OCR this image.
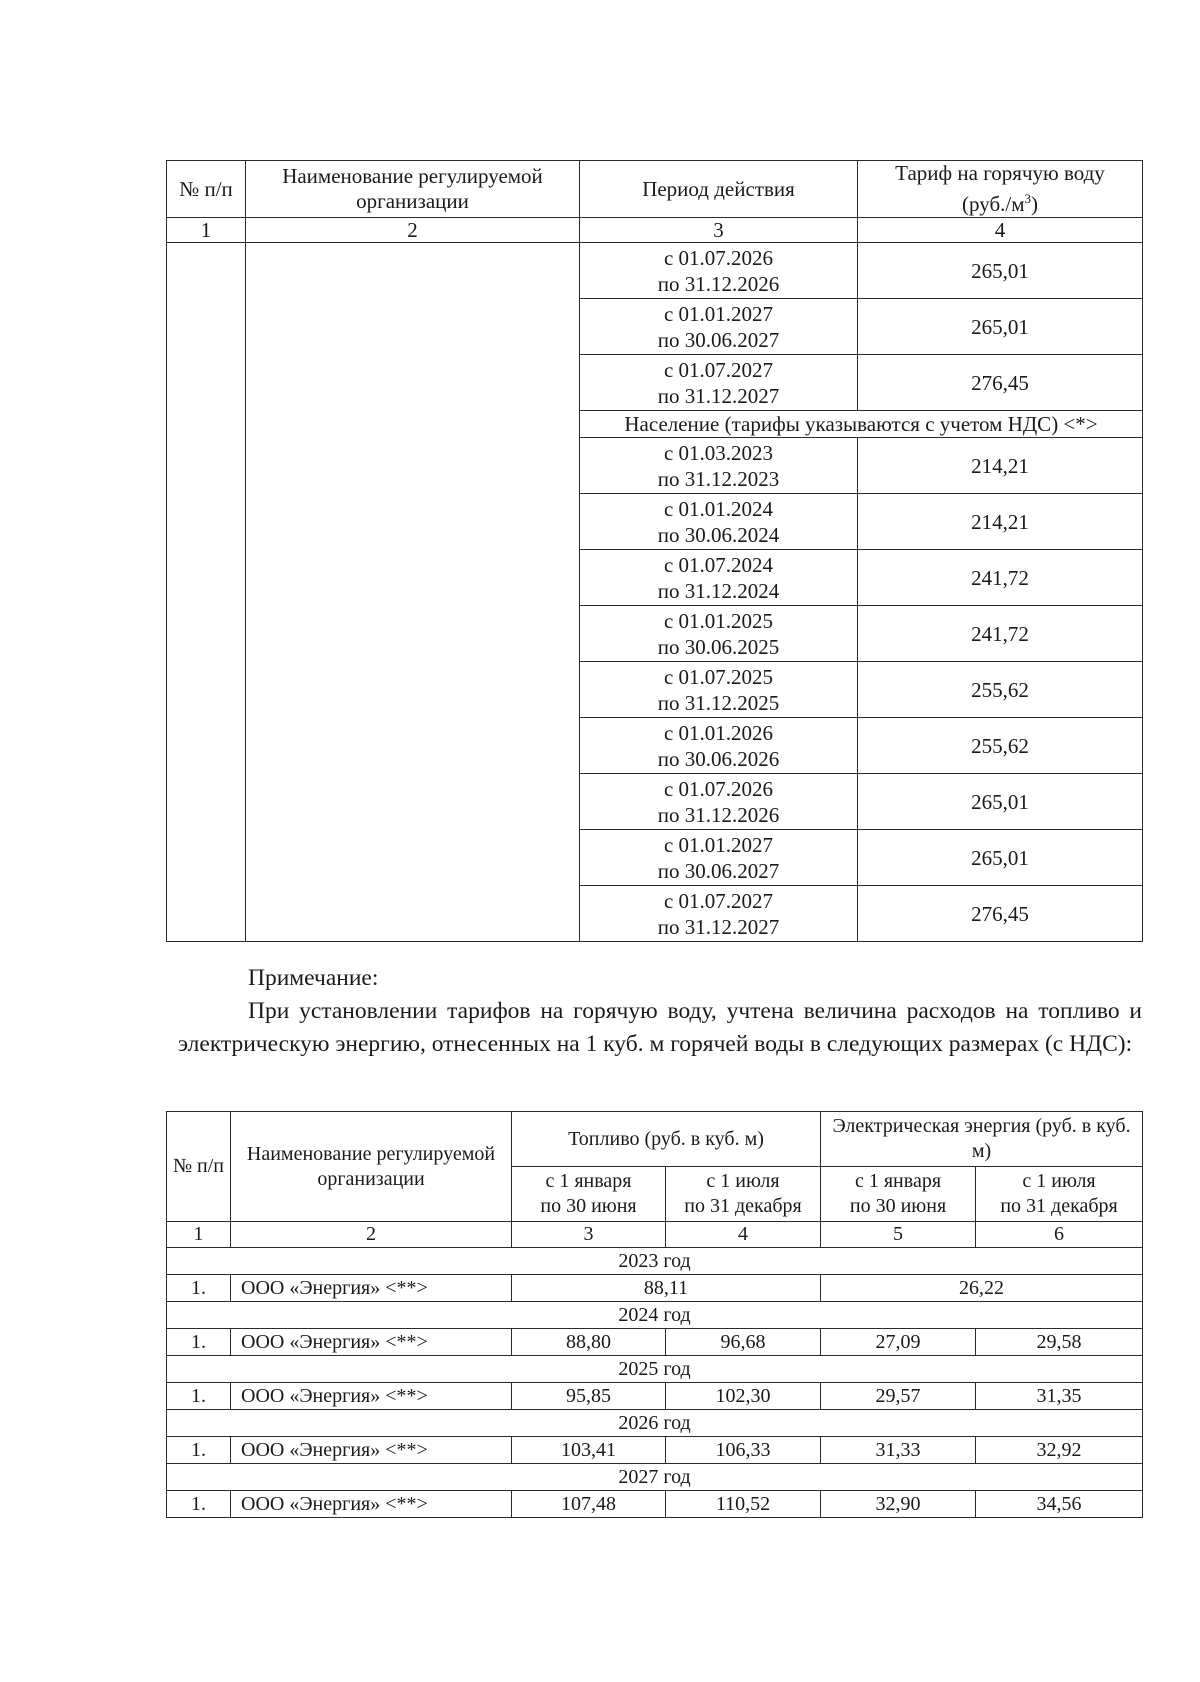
№ п/п	Наименование регулируемой организации	Период действия	Тариф на горячую воду
$(руб./м^3)$
1	2	3	4

		с 01.07.2026
по 31.12.2026	265,01

		с 01.01.2027
по 30.06.2027	265,01

		с 01.07.2027
по 31.12.2027	276,45
		Население (тарифы указываются с учетом НДС) <*>	

		с 01.03.2023
по 31.12.2023	214,21

		с 01.01.2024
по 30.06.2024	214,21

		с 01.07.2024
по 31.12.2024	241,72

		с 01.01.2025
по 30.06.2025	241,72

		с 01.07.2025
по 31.12.2025	255,62

		с 01.01.2026
по 30.06.2026	255,62

		с 01.07.2026
по 31.12.2026	265,01

		с 01.01.2027
по 30.06.2027	265,01

		с 01.07.2027
по 31.12.2027	276,45
Примечание:
При установлении тарифов на горячую воду, учтена величина расходов на топливо и электрическую энергию, отнесенных на 1 куб. м горячей воды в следующих размерах (с НДС):
№ п/п	Наименование регулируемой организации	Топливо (руб. в куб. м)		Электрическая энергия (руб. в куб. м)	

		с 1 января
по 30 июня	с 1 июля
по 31 декабря	с 1 января
по 30 июня	с 1 июля
по 31 декабря

1	2	3	4	5	6
2023 год					
1.	ООО «Энергия» <**>	88,11		26,22	
2024 год					
1.	ООО «Энергия» <**>	88,80	96,68	27,09	29,58
2025 год					
1.	ООО «Энергия» <**>	95,85	102,30	29,57	31,35
2026 год					
1.	ООО «Энергия» <**>	103,41	106,33	31,33	32,92
2027 год					
1.	ООО «Энергия» <**>	107,48	110,52	32,90	34,56
